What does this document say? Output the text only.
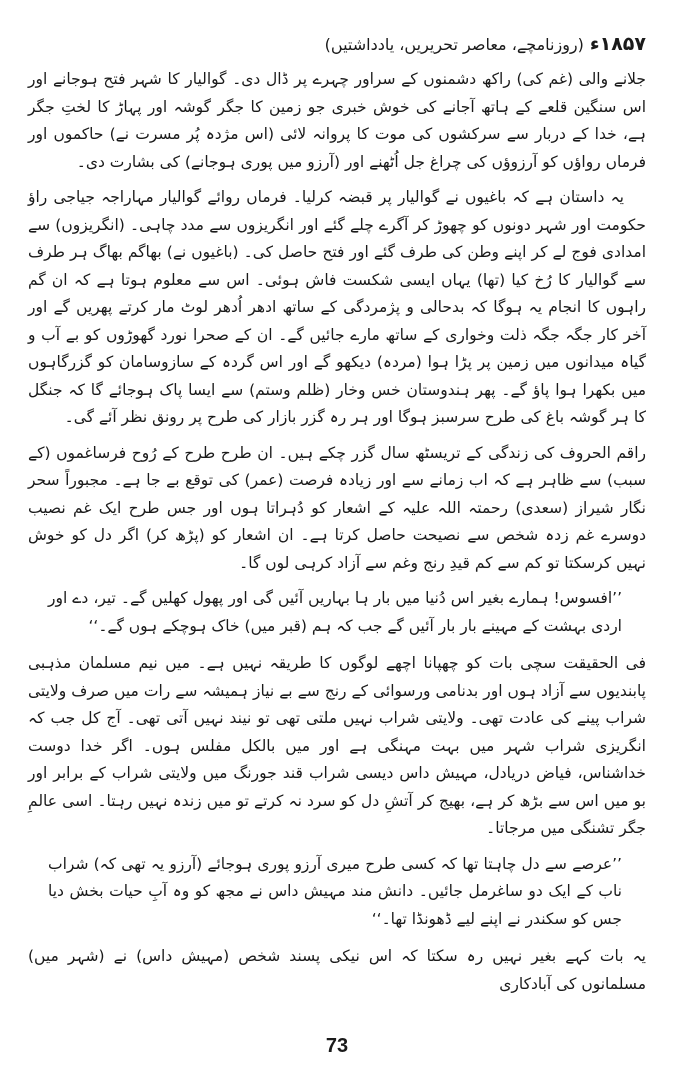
۱۸۵۷ء
(روزنامچے، معاصر تحریریں، یادداشتیں)

جلانے والی (غم کی) راکھ دشمنوں کے سراور چہرے پر ڈال دی۔ گوالیار کا شہر فتح ہوجانے اور اس سنگین قلعے کے ہاتھ آجانے کی خوش خبری جو زمین کا جگر گوشہ اور پہاڑ کا لختِ جگر ہے، خدا کے دربار سے سرکشوں کی موت کا پروانہ لائی (اس مژدہ پُر مسرت نے) حاکموں اور فرماں رواؤں کو آرزوؤں کی چراغ جل اُٹھنے اور (آرزو میں پوری ہوجانے) کی بشارت دی۔

یہ داستان ہے کہ باغیوں نے گوالیار پر قبضہ کرلیا۔ فرماں روائے گوالیار مہاراجہ جیاجی راؤ حکومت اور شہر دونوں کو چھوڑ کر آگرے چلے گئے اور انگریزوں سے مدد چاہی۔ (انگریزوں) سے امدادی فوج لے کر اپنے وطن کی طرف گئے اور فتح حاصل کی۔ (باغیوں نے) بھاگم بھاگ ہر طرف سے گوالیار کا رُخ کیا (تھا) یہاں ایسی شکست فاش ہوئی۔ اس سے معلوم ہوتا ہے کہ ان گم راہوں کا انجام یہ ہوگا کہ بدحالی و پژمردگی کے ساتھ ادھر اُدھر لوٹ مار کرتے پھریں گے اور آخر کار جگہ جگہ ذلت وخواری کے ساتھ مارے جائیں گے۔ ان کے صحرا نورد گھوڑوں کو بے آب و گیاہ میدانوں میں زمین پر پڑا ہوا (مردہ) دیکھو گے اور اس گردہ کے سازوسامان کو گزرگاہوں میں بکھرا ہوا پاؤ گے۔ پھر ہندوستان خس وخار (ظلم وستم) سے ایسا پاک ہوجائے گا کہ جنگل کا ہر گوشہ باغ کی طرح سرسبز ہوگا اور ہر رہ گزر بازار کی طرح پر رونق نظر آئے گی۔

راقم الحروف کی زندگی کے تریسٹھ سال گزر چکے ہیں۔ ان طرح طرح کے رُوح فرساغموں (کے سبب) سے ظاہر ہے کہ اب زمانے سے اور زیادہ فرصت (عمر) کی توقع بے جا ہے۔ مجبوراً سحر نگار شیراز (سعدی) رحمتہ اللہ علیہ کے اشعار کو دُہراتا ہوں اور جس طرح ایک غم نصیب دوسرے غم زدہ شخص سے نصیحت حاصل کرتا ہے۔ ان اشعار کو (پڑھ کر) اگر دل کو خوش نہیں کرسکتا تو کم سے کم قیدِ رنج وغم سے آزاد کرہی لوں گا۔

’’افسوس! ہمارے بغیر اس دُنیا میں بار ہا بہاریں آئیں گی اور پھول کھلیں گے۔ تیر، دے اور اردی بہشت کے مہینے بار بار آئیں گے جب کہ ہم (قبر میں) خاک ہوچکے ہوں گے۔‘‘

فی الحقیقت سچی بات کو چھپانا اچھے لوگوں کا طریقہ نہیں ہے۔ میں نیم مسلمان مذہبی پابندیوں سے آزاد ہوں اور بدنامی ورسوائی کے رنج سے بے نیاز ہمیشہ سے رات میں صرف ولایتی شراب پینے کی عادت تھی۔ ولایتی شراب نہیں ملتی تھی تو نیند نہیں آتی تھی۔ آج کل جب کہ انگریزی شراب شہر میں بہت مہنگی ہے اور میں بالکل مفلس ہوں۔ اگر خدا دوست خداشناس، فیاض دریادل، مہیش داس دیسی شراب قند جورنگ میں ولایتی شراب کے برابر اور بو میں اس سے بڑھ کر ہے، بھیج کر آتشِ دل کو سرد نہ کرتے تو میں زندہ نہیں رہتا۔ اسی عالمِ جگر تشنگی میں مرجاتا۔

’’عرصے سے دل چاہتا تھا کہ کسی طرح میری آرزو پوری ہوجائے (آرزو یہ تھی کہ) شراب ناب کے ایک دو ساغرمل جائیں۔ دانش مند مہیش داس نے مجھ کو وہ آبِ حیات بخش دیا جس کو سکندر نے اپنے لیے ڈھونڈا تھا۔‘‘

یہ بات کہے بغیر نہیں رہ سکتا کہ اس نیکی پسند شخص (مہیش داس) نے (شہر میں) مسلمانوں کی آبادکاری

73
